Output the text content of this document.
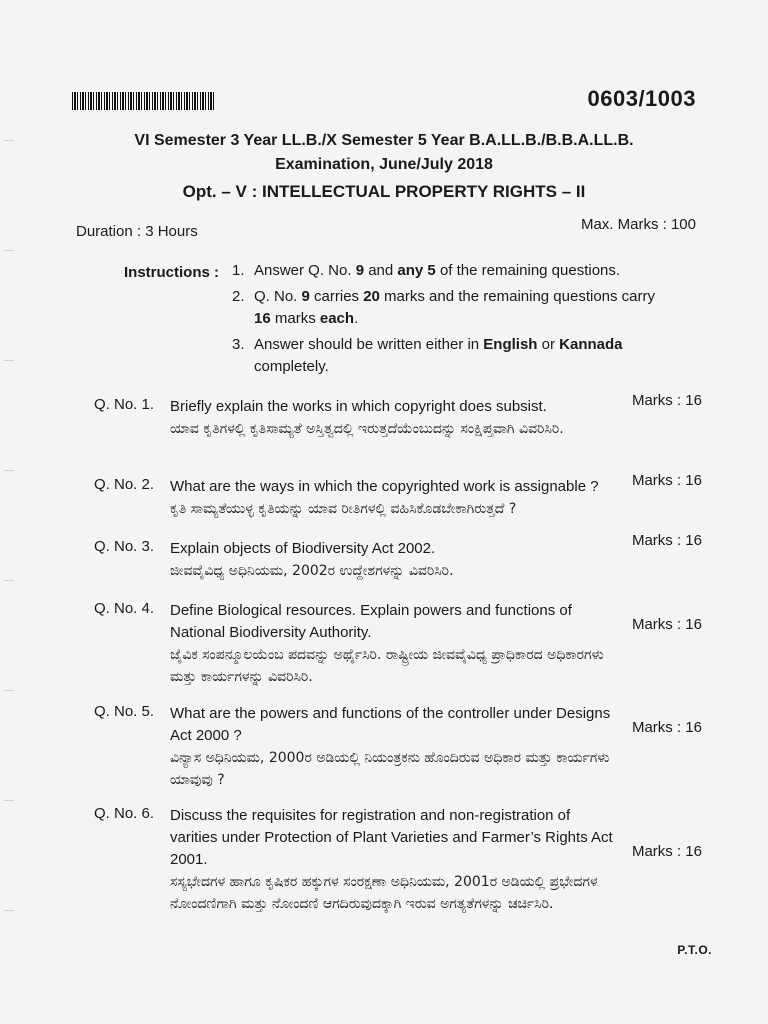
0603/1003
VI Semester 3 Year LL.B./X Semester 5 Year B.A.LL.B./B.B.A.LL.B.
Examination, June/July 2018
Opt. – V : INTELLECTUAL PROPERTY RIGHTS – II
Duration : 3 Hours	Max. Marks : 100
Instructions : 1. Answer Q. No. 9 and any 5 of the remaining questions.
2. Q. No. 9 carries 20 marks and the remaining questions carry 16 marks each.
3. Answer should be written either in English or Kannada completely.
Q. No. 1. Briefly explain the works in which copyright does subsist.
ಯಾವ ಕೃತಿಗಳಲ್ಲಿ ಕೃತಿಸಾಮ್ಯತೆ ಅಸ್ತಿತ್ವದಲ್ಲಿ ಇರುತ್ತದೆಯೆಂಬುದನ್ನು ಸಂಕ್ಷಿಪ್ತವಾಗಿ ವಿವರಿಸಿರಿ.
Marks : 16
Q. No. 2. What are the ways in which the copyrighted work is assignable ?
ಕೃತಿ ಸಾಮ್ಯತೆಯುಳ್ಳ ಕೃತಿಯನ್ನು ಯಾವ ರೀತಿಗಳಲ್ಲಿ ವಹಿಸಿಕೊಡಬೇಕಾಗಿರುತ್ತದೆ ?
Marks : 16
Q. No. 3. Explain objects of Biodiversity Act 2002.
ಜೀವವೈವಿಧ್ಯ ಅಧಿನಿಯಮ, 2002ರ ಉದ್ದೇಶಗಳನ್ನು ವಿವರಿಸಿರಿ.
Marks : 16
Q. No. 4. Define Biological resources. Explain powers and functions of National Biodiversity Authority.
ಜೈವಿಕ ಸಂಪನ್ಮೂಲಯೆಂಬ ಪದವನ್ನು ಅರ್ಥೈಸಿರಿ. ರಾಷ್ಟ್ರೀಯ ಜೀವವೈವಿಧ್ಯ ಪ್ರಾಧಿಕಾರದ ಅಧಿಕಾರಗಳು ಮತ್ತು ಕಾರ್ಯಗಳನ್ನು ವಿವರಿಸಿರಿ.
Marks : 16
Q. No. 5. What are the powers and functions of the controller under Designs Act 2000 ?
ವಿನ್ಯಾಸ ಅಧಿನಿಯಮ, 2000ರ ಅಡಿಯಲ್ಲಿ ನಿಯಂತ್ರಕನು ಹೊಂದಿರುವ ಅಧಿಕಾರ ಮತ್ತು ಕಾರ್ಯಗಳು ಯಾವುವು ?
Marks : 16
Q. No. 6. Discuss the requisites for registration and non-registration of varities under Protection of Plant Varieties and Farmer’s Rights Act 2001.
ಸಸ್ಯಭೇದಗಳ ಹಾಗೂ ಕೃಷಿಕರ ಹಕ್ಕುಗಳ ಸಂರಕ್ಷಣಾ ಅಧಿನಿಯಮ, 2001ರ ಅಡಿಯಲ್ಲಿ ಪ್ರಭೇದಗಳ ನೋಂದಣಿಗಾಗಿ ಮತ್ತು ನೋಂದಣಿ ಆಗದಿರುವುದಕ್ಕಾಗಿ ಇರುವ ಅಗತ್ಯತೆಗಳನ್ನು ಚರ್ಚಿಸಿರಿ.
Marks : 16
P.T.O.
